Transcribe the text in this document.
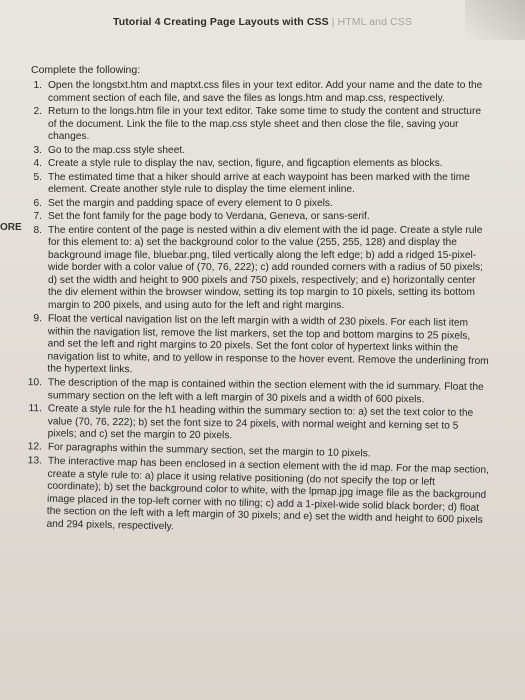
Tutorial 4 Creating Page Layouts with CSS | HTML and CSS
ORE
Complete the following:
1. Open the longstxt.htm and maptxt.css files in your text editor. Add your name and the date to the comment section of each file, and save the files as longs.htm and map.css, respectively.
2. Return to the longs.htm file in your text editor. Take some time to study the content and structure of the document. Link the file to the map.css style sheet and then close the file, saving your changes.
3. Go to the map.css style sheet.
4. Create a style rule to display the nav, section, figure, and figcaption elements as blocks.
5. The estimated time that a hiker should arrive at each waypoint has been marked with the time element. Create another style rule to display the time element inline.
6. Set the margin and padding space of every element to 0 pixels.
7. Set the font family for the page body to Verdana, Geneva, or sans-serif.
8. The entire content of the page is nested within a div element with the id page. Create a style rule for this element to: a) set the background color to the value (255, 255, 128) and display the background image file, bluebar.png, tiled vertically along the left edge; b) add a ridged 15-pixel-wide border with a color value of (70, 76, 222); c) add rounded corners with a radius of 50 pixels; d) set the width and height to 900 pixels and 750 pixels, respectively; and e) horizontally center the div element within the browser window, setting its top margin to 10 pixels, setting its bottom margin to 200 pixels, and using auto for the left and right margins.
9. Float the vertical navigation list on the left margin with a width of 230 pixels. For each list item within the navigation list, remove the list markers, set the top and bottom margins to 25 pixels, and set the left and right margins to 20 pixels. Set the font color of hypertext links within the navigation list to white, and to yellow in response to the hover event. Remove the underlining from the hypertext links.
10. The description of the map is contained within the section element with the id summary. Float the summary section on the left with a left margin of 30 pixels and a width of 600 pixels.
11. Create a style rule for the h1 heading within the summary section to: a) set the text color to the value (70, 76, 222); b) set the font size to 24 pixels, with normal weight and kerning set to 5 pixels; and c) set the margin to 20 pixels.
12. For paragraphs within the summary section, set the margin to 10 pixels.
13. The interactive map has been enclosed in a section element with the id map. For the map section, create a style rule to: a) place it using relative positioning (do not specify the top or left coordinate); b) set the background color to white, with the lpmap.jpg image file as the background image placed in the top-left corner with no tiling; c) add a 1-pixel-wide solid black border; d) float the section on the left with a left margin of 30 pixels; and e) set the width and height to 600 pixels and 294 pixels, respectively.
